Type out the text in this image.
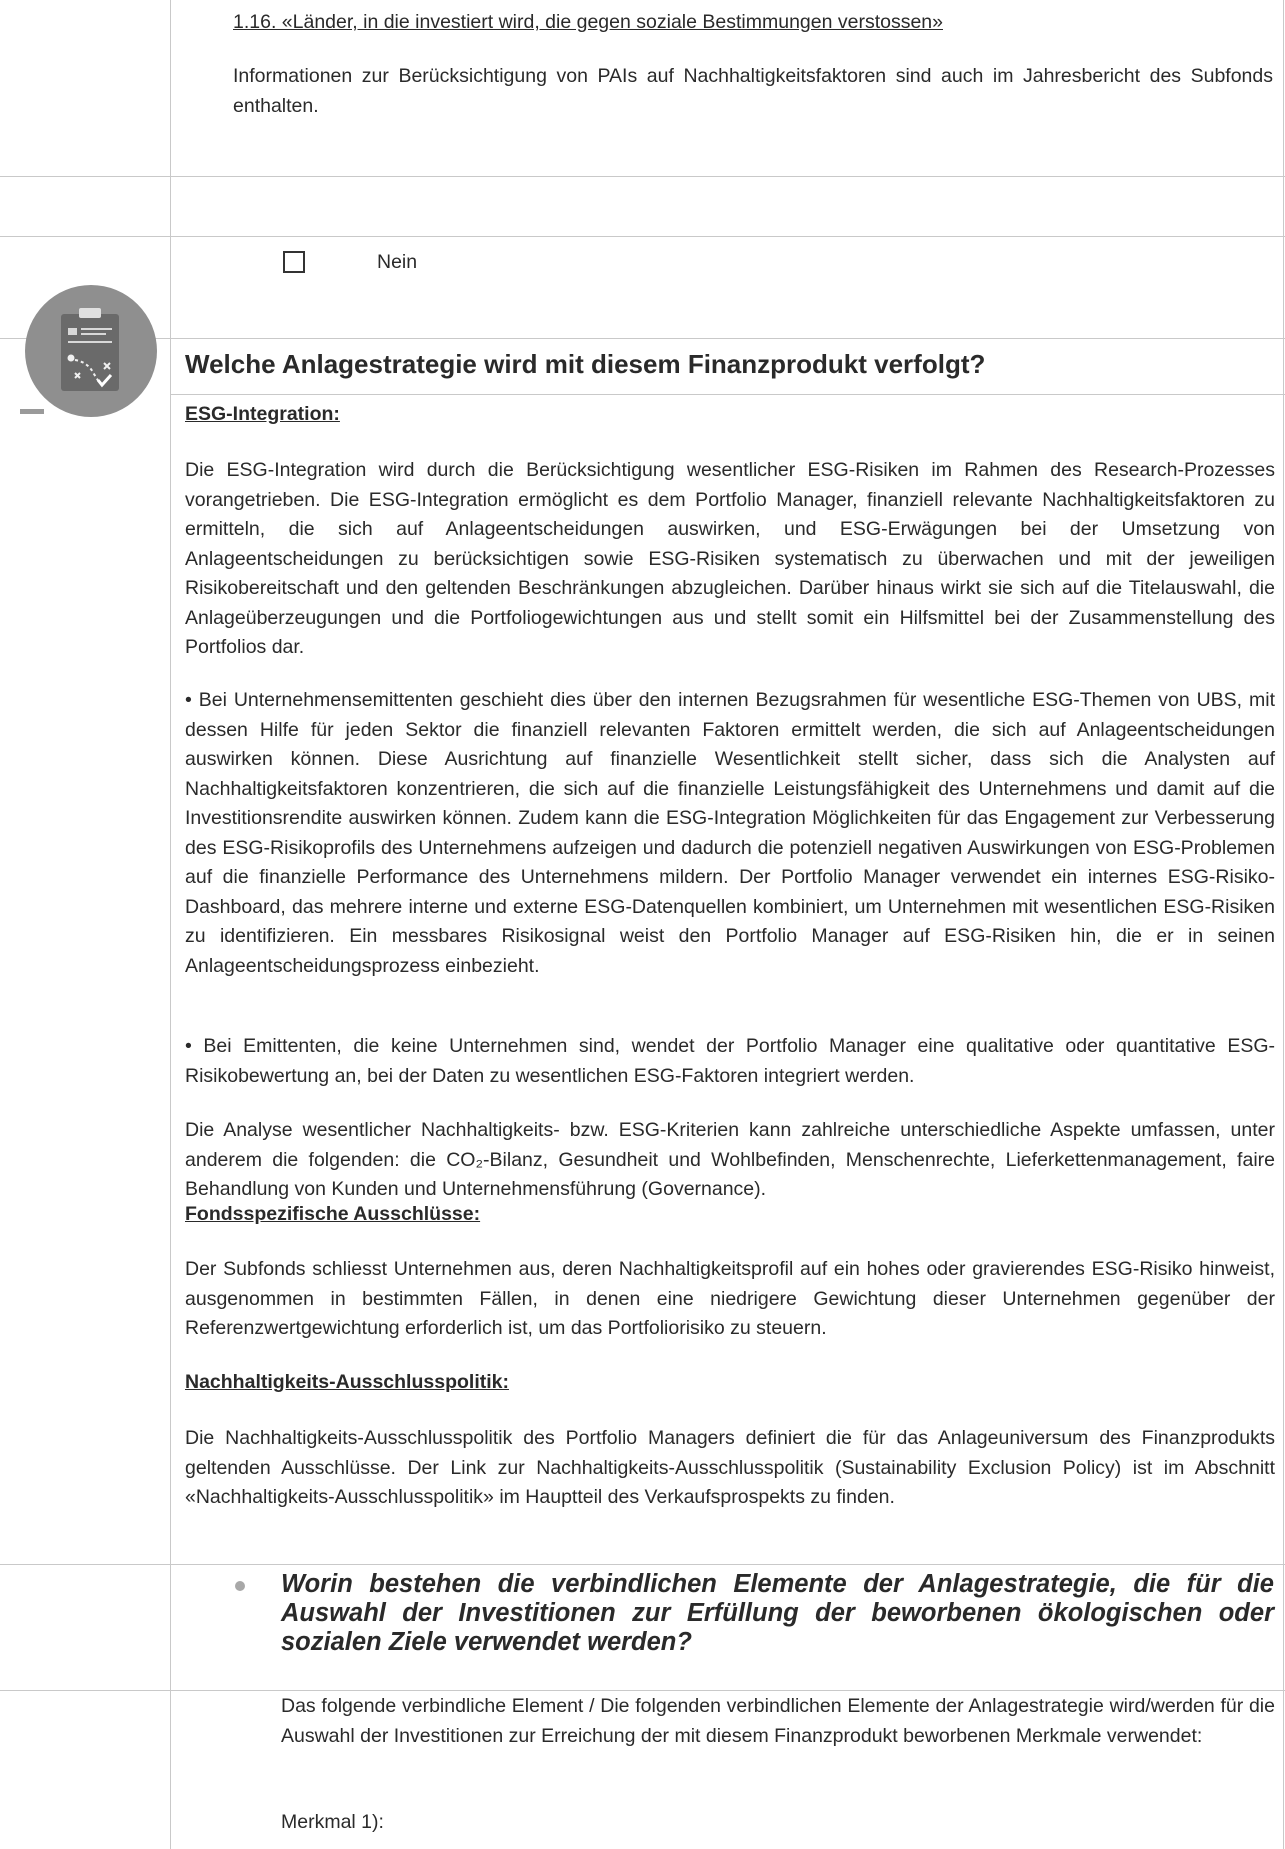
1.16. «Länder, in die investiert wird, die gegen soziale Bestimmungen verstossen»
Informationen zur Berücksichtigung von PAIs auf Nachhaltigkeitsfaktoren sind auch im Jahresbericht des Subfonds enthalten.
Nein
Welche Anlagestrategie wird mit diesem Finanzprodukt verfolgt?
ESG-Integration:
Die ESG-Integration wird durch die Berücksichtigung wesentlicher ESG-Risiken im Rahmen des Research-Prozesses vorangetrieben. Die ESG-Integration ermöglicht es dem Portfolio Manager, finanziell relevante Nachhaltigkeitsfaktoren zu ermitteln, die sich auf Anlageentscheidungen auswirken, und ESG-Erwägungen bei der Umsetzung von Anlageentscheidungen zu berücksichtigen sowie ESG-Risiken systematisch zu überwachen und mit der jeweiligen Risikobereitschaft und den geltenden Beschränkungen abzugleichen. Darüber hinaus wirkt sie sich auf die Titelauswahl, die Anlageüberzeugungen und die Portfoliogewichtungen aus und stellt somit ein Hilfsmittel bei der Zusammenstellung des Portfolios dar.
• Bei Unternehmensemittenten geschieht dies über den internen Bezugsrahmen für wesentliche ESG-Themen von UBS, mit dessen Hilfe für jeden Sektor die finanziell relevanten Faktoren ermittelt werden, die sich auf Anlageentscheidungen auswirken können. Diese Ausrichtung auf finanzielle Wesentlichkeit stellt sicher, dass sich die Analysten auf Nachhaltigkeitsfaktoren konzentrieren, die sich auf die finanzielle Leistungsfähigkeit des Unternehmens und damit auf die Investitionsrendite auswirken können. Zudem kann die ESG-Integration Möglichkeiten für das Engagement zur Verbesserung des ESG-Risikoprofils des Unternehmens aufzeigen und dadurch die potenziell negativen Auswirkungen von ESG-Problemen auf die finanzielle Performance des Unternehmens mildern. Der Portfolio Manager verwendet ein internes ESG-Risiko-Dashboard, das mehrere interne und externe ESG-Datenquellen kombiniert, um Unternehmen mit wesentlichen ESG-Risiken zu identifizieren. Ein messbares Risikosignal weist den Portfolio Manager auf ESG-Risiken hin, die er in seinen Anlageentscheidungsprozess einbezieht.
• Bei Emittenten, die keine Unternehmen sind, wendet der Portfolio Manager eine qualitative oder quantitative ESG-Risikobewertung an, bei der Daten zu wesentlichen ESG-Faktoren integriert werden.
Die Analyse wesentlicher Nachhaltigkeits- bzw. ESG-Kriterien kann zahlreiche unterschiedliche Aspekte umfassen, unter anderem die folgenden: die CO₂-Bilanz, Gesundheit und Wohlbefinden, Menschenrechte, Lieferkettenmanagement, faire Behandlung von Kunden und Unternehmensführung (Governance).
Fondsspezifische Ausschlüsse:
Der Subfonds schliesst Unternehmen aus, deren Nachhaltigkeitsprofil auf ein hohes oder gravierendes ESG-Risiko hinweist, ausgenommen in bestimmten Fällen, in denen eine niedrigere Gewichtung dieser Unternehmen gegenüber der Referenzwertgewichtung erforderlich ist, um das Portfoliorisiko zu steuern.
Nachhaltigkeits-Ausschlusspolitik:
Die Nachhaltigkeits-Ausschlusspolitik des Portfolio Managers definiert die für das Anlageuniversum des Finanzprodukts geltenden Ausschlüsse. Der Link zur Nachhaltigkeits-Ausschlusspolitik (Sustainability Exclusion Policy) ist im Abschnitt «Nachhaltigkeits-Ausschlusspolitik» im Hauptteil des Verkaufsprospekts zu finden.
Worin bestehen die verbindlichen Elemente der Anlagestrategie, die für die Auswahl der Investitionen zur Erfüllung der beworbenen ökologischen oder sozialen Ziele verwendet werden?
Das folgende verbindliche Element / Die folgenden verbindlichen Elemente der Anlagestrategie wird/werden für die Auswahl der Investitionen zur Erreichung der mit diesem Finanzprodukt beworbenen Merkmale verwendet:
Merkmal 1):
